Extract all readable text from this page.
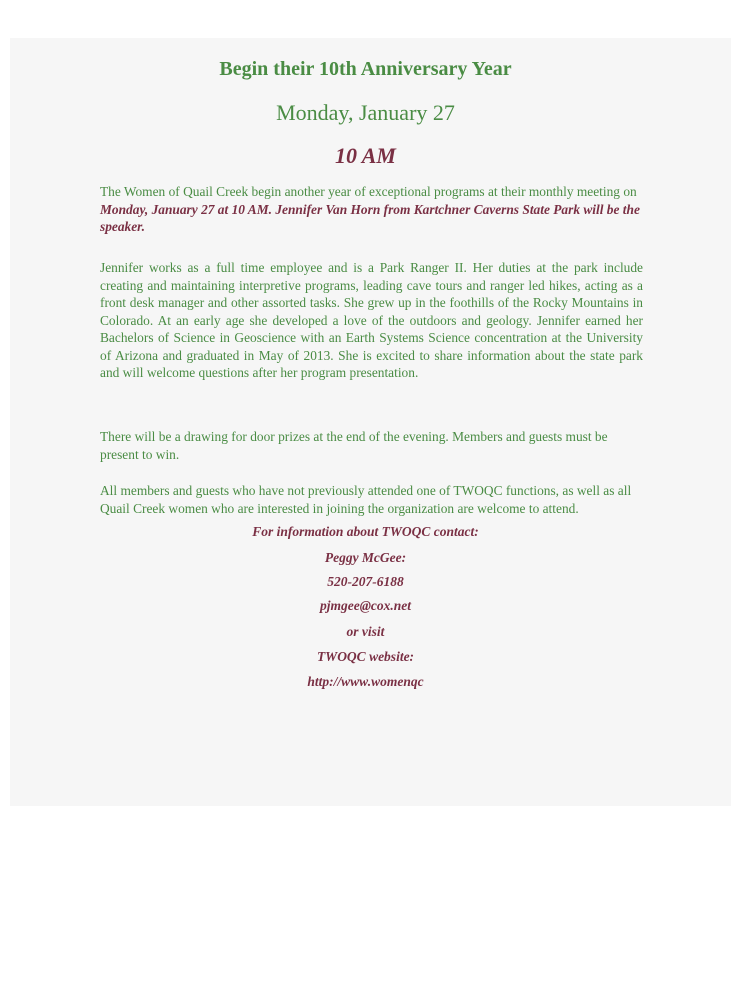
Begin their 10th Anniversary Year
Monday, January 27
10 AM

The Women of Quail Creek begin another year of exceptional programs at their monthly meeting on Monday, January 27 at 10 AM. Jennifer Van Horn from Kartchner Caverns State Park will be the speaker.

Jennifer works as a full time employee and is a Park Ranger II. Her duties at the park include creating and maintaining interpretive programs, leading cave tours and ranger led hikes, acting as a front desk manager and other assorted tasks. She grew up in the foothills of the Rocky Mountains in Colorado. At an early age she developed a love of the outdoors and geology. Jennifer earned her Bachelors of Science in Geoscience with an Earth Systems Science concentration at the University of Arizona and graduated in May of 2013. She is excited to share information about the state park and will welcome questions after her program presentation.

There will be a drawing for door prizes at the end of the evening. Members and guests must be present to win.

All members and guests who have not previously attended one of TWOQC functions, as well as all Quail Creek women who are interested in joining the organization are welcome to attend.

For information about TWOQC contact:

Peggy McGee:

520-207-6188

pjmgee@cox.net

or visit

TWOQC website:

http://www.womenqc
